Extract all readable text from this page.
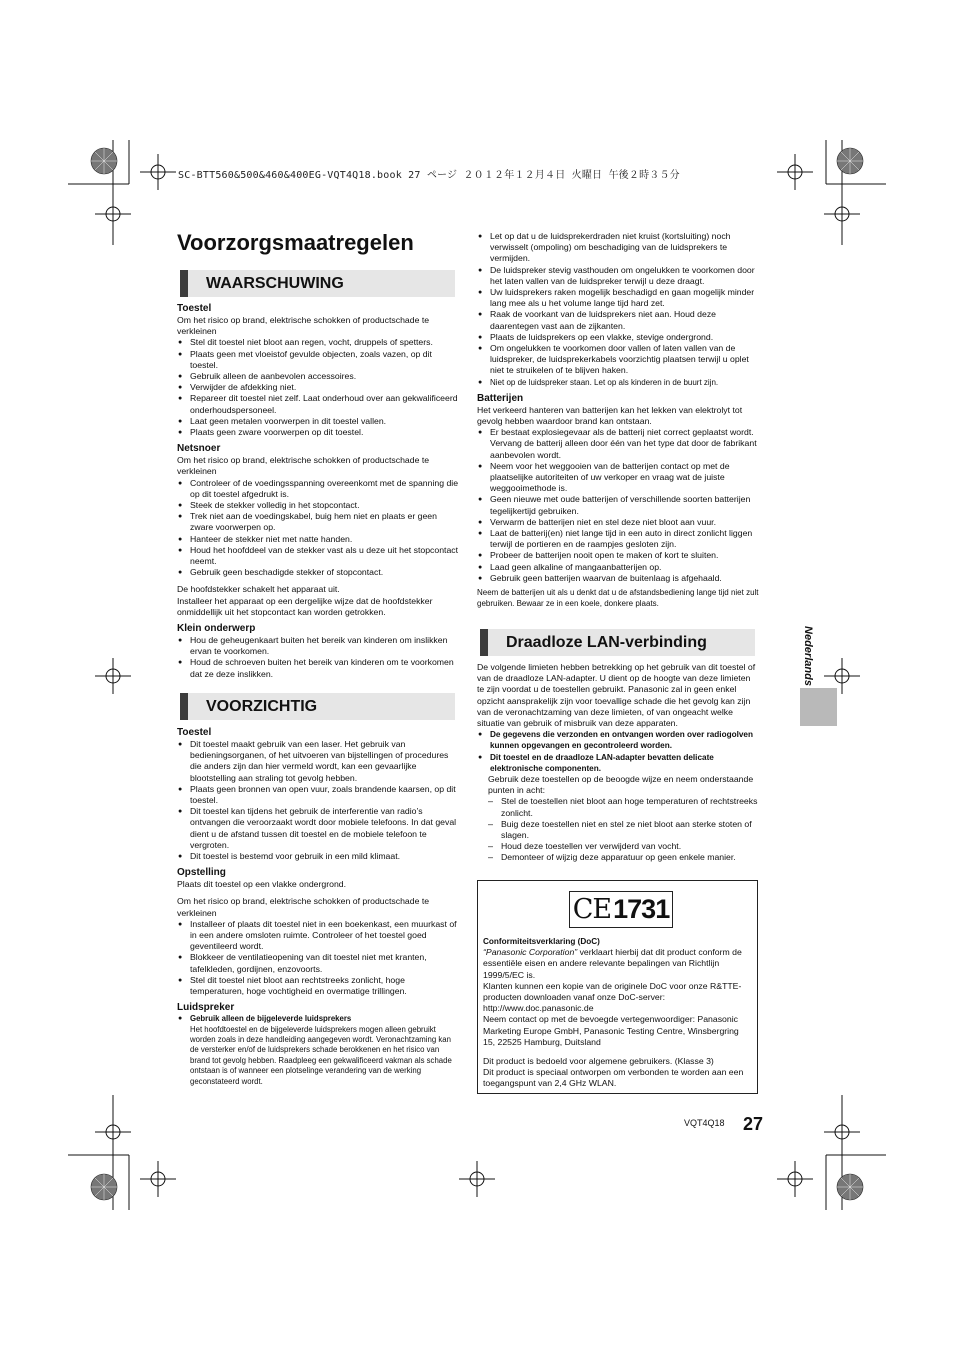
SC-BTT560&500&460&400EG-VQT4Q18.book 27 ページ ２０１２年１２月４日 火曜日 午後２時３５分
Voorzorgsmaatregelen
Nederlands
WAARSCHUWING
Toestel

Om het risico op brand, elektrische schokken of productschade te verkleinen

● Stel dit toestel niet bloot aan regen, vocht, druppels of spetters.
● Plaats geen met vloeistof gevulde objecten, zoals vazen, op dit toestel.
● Gebruik alleen de aanbevolen accessoires.
● Verwijder de afdekking niet.
● Repareer dit toestel niet zelf. Laat onderhoud over aan gekwalificeerd onderhoudspersoneel.
● Laat geen metalen voorwerpen in dit toestel vallen.
● Plaats geen zware voorwerpen op dit toestel.
Netsnoer

Om het risico op brand, elektrische schokken of productschade te verkleinen

● Controleer of de voedingsspanning overeenkomt met de spanning die op dit toestel afgedrukt is.
● Steek de stekker volledig in het stopcontact.
● Trek niet aan de voedingskabel, buig hem niet en plaats er geen zware voorwerpen op.
● Hanteer de stekker niet met natte handen.
● Houd het hoofddeel van de stekker vast als u deze uit het stopcontact neemt.
● Gebruik geen beschadigde stekker of stopcontact.

De hoofdstekker schakelt het apparaat uit.
Installeer het apparaat op een dergelijke wijze dat de hoofdstekker onmiddellijk uit het stopcontact kan worden getrokken.

Klein onderwerp
● Hou de geheugenkaart buiten het bereik van kinderen om inslikken ervan te voorkomen.
● Houd de schroeven buiten het bereik van kinderen om te voorkomen dat ze deze inslikken.
VOORZICHTIG
Toestel
● Dit toestel maakt gebruik van een laser. Het gebruik van bedieningsorganen, of het uitvoeren van bijstellingen of procedures die anders zijn dan hier vermeld wordt, kan een gevaarlijke blootstelling aan straling tot gevolg hebben.
● Plaats geen bronnen van open vuur, zoals brandende kaarsen, op dit toestel.
● Dit toestel kan tijdens het gebruik de interferentie van radio’s ontvangen die veroorzaakt wordt door mobiele telefoons. In dat geval dient u de afstand tussen dit toestel en de mobiele telefoon te vergroten.
● Dit toestel is bestemd voor gebruik in een mild klimaat.
Opstelling

Plaats dit toestel op een vlakke ondergrond.

Om het risico op brand, elektrische schokken of productschade te verkleinen

● Installeer of plaats dit toestel niet in een boekenkast, een muurkast of in een andere omsloten ruimte. Controleer of het toestel goed geventileerd wordt.
● Blokkeer de ventilatieopening van dit toestel niet met kranten, tafelkleden, gordijnen, enzovoorts.
● Stel dit toestel niet bloot aan rechtstreeks zonlicht, hoge temperaturen, hoge vochtigheid en overmatige trillingen.
Luidspreker
● Gebruik alleen de bijgeleverde luidsprekers

Het hoofdtoestel en de bijgeleverde luidsprekers mogen alleen gebruikt worden zoals in deze handleiding aangegeven wordt. Veronachtzaming kan de versterker en/of de luidsprekers schade berokkenen en het risico van brand tot gevolg hebben. Raadpleeg een gekwalificeerd vakman als schade ontstaan is of wanneer een plotselinge verandering van de werking geconstateerd wordt.

● Let op dat u de luidsprekerdraden niet kruist (kortsluiting) noch verwisselt (ompoling) om beschadiging van de luidsprekers te vermijden.
● De luidspreker stevig vasthouden om ongelukken te voorkomen door het laten vallen van de luidspreker terwijl u deze draagt.
● Uw luidsprekers raken mogelijk beschadigd en gaan mogelijk minder lang mee als u het volume lange tijd hard zet.
● Raak de voorkant van de luidsprekers niet aan. Houd deze daarentegen vast aan de zijkanten.
● Plaats de luidsprekers op een vlakke, stevige ondergrond.
● Om ongelukken te voorkomen door vallen of laten vallen van de luidspreker, de luidsprekerkabels voorzichtig plaatsen terwijl u oplet niet te struikelen of te blijven haken.
● Niet op de luidspreker staan. Let op als kinderen in de buurt zijn.
Batterijen

Het verkeerd hanteren van batterijen kan het lekken van elektrolyt tot gevolg hebben waardoor brand kan ontstaan.

● Er bestaat explosiegevaar als de batterij niet correct geplaatst wordt. Vervang de batterij alleen door één van het type dat door de fabrikant aanbevolen wordt.
● Neem voor het weggooien van de batterijen contact op met de plaatselijke autoriteiten of uw verkoper en vraag wat de juiste weggooimethode is.
● Geen nieuwe met oude batterijen of verschillende soorten batterijen tegelijkertijd gebruiken.
● Verwarm de batterijen niet en stel deze niet bloot aan vuur.
● Laat de batterij(en) niet lange tijd in een auto in direct zonlicht liggen terwijl de portieren en de raampjes gesloten zijn.
● Probeer de batterijen nooit open te maken of kort te sluiten.
● Laad geen alkaline of mangaanbatterijen op.
● Gebruik geen batterijen waarvan de buitenlaag is afgehaald.

Neem de batterijen uit als u denkt dat u de afstandsbediening lange tijd niet zult gebruiken. Bewaar ze in een koele, donkere plaats.

Draadloze LAN-verbinding

De volgende limieten hebben betrekking op het gebruik van dit toestel of van de draadloze LAN-adapter. U dient op de hoogte van deze limieten te zijn voordat u de toestellen gebruikt. Panasonic zal in geen enkel opzicht aansprakelijk zijn voor toevallige schade die het gevolg kan zijn van de veronachtzaming van deze limieten, of van ongeacht welke situatie van gebruik of misbruik van deze apparaten.

● De gegevens die verzonden en ontvangen worden over radiogolven kunnen opgevangen en gecontroleerd worden.
● Dit toestel en de draadloze LAN-adapter bevatten delicate elektronische componenten.

Gebruik deze toestellen op de beoogde wijze en neem onderstaande punten in acht:

– Stel de toestellen niet bloot aan hoge temperaturen of rechtstreeks zonlicht.
– Buig deze toestellen niet en stel ze niet bloot aan sterke stoten of slagen.
– Houd deze toestellen ver verwijderd van vocht.
– Demonteer of wijzig deze apparatuur op geen enkele manier.
CE 1731

Conformiteitsverklaring (DoC)

“Panasonic Corporation” verklaart hierbij dat dit product conform de essentiële eisen en andere relevante bepalingen van Richtlijn 1999/5/EC is.

Klanten kunnen een kopie van de originele DoC voor onze R&TTE-producten downloaden vanaf onze DoC-server:

http://www.doc.panasonic.de

Neem contact op met de bevoegde vertegenwoordiger: Panasonic Marketing Europe GmbH, Panasonic Testing Centre, Winsbergring 15, 22525 Hamburg, Duitsland

Dit product is bedoeld voor algemene gebruikers. (Klasse 3)

Dit product is speciaal ontworpen om verbonden te worden aan een toegangspunt van 2,4 GHz WLAN.

VQT4Q18 27
